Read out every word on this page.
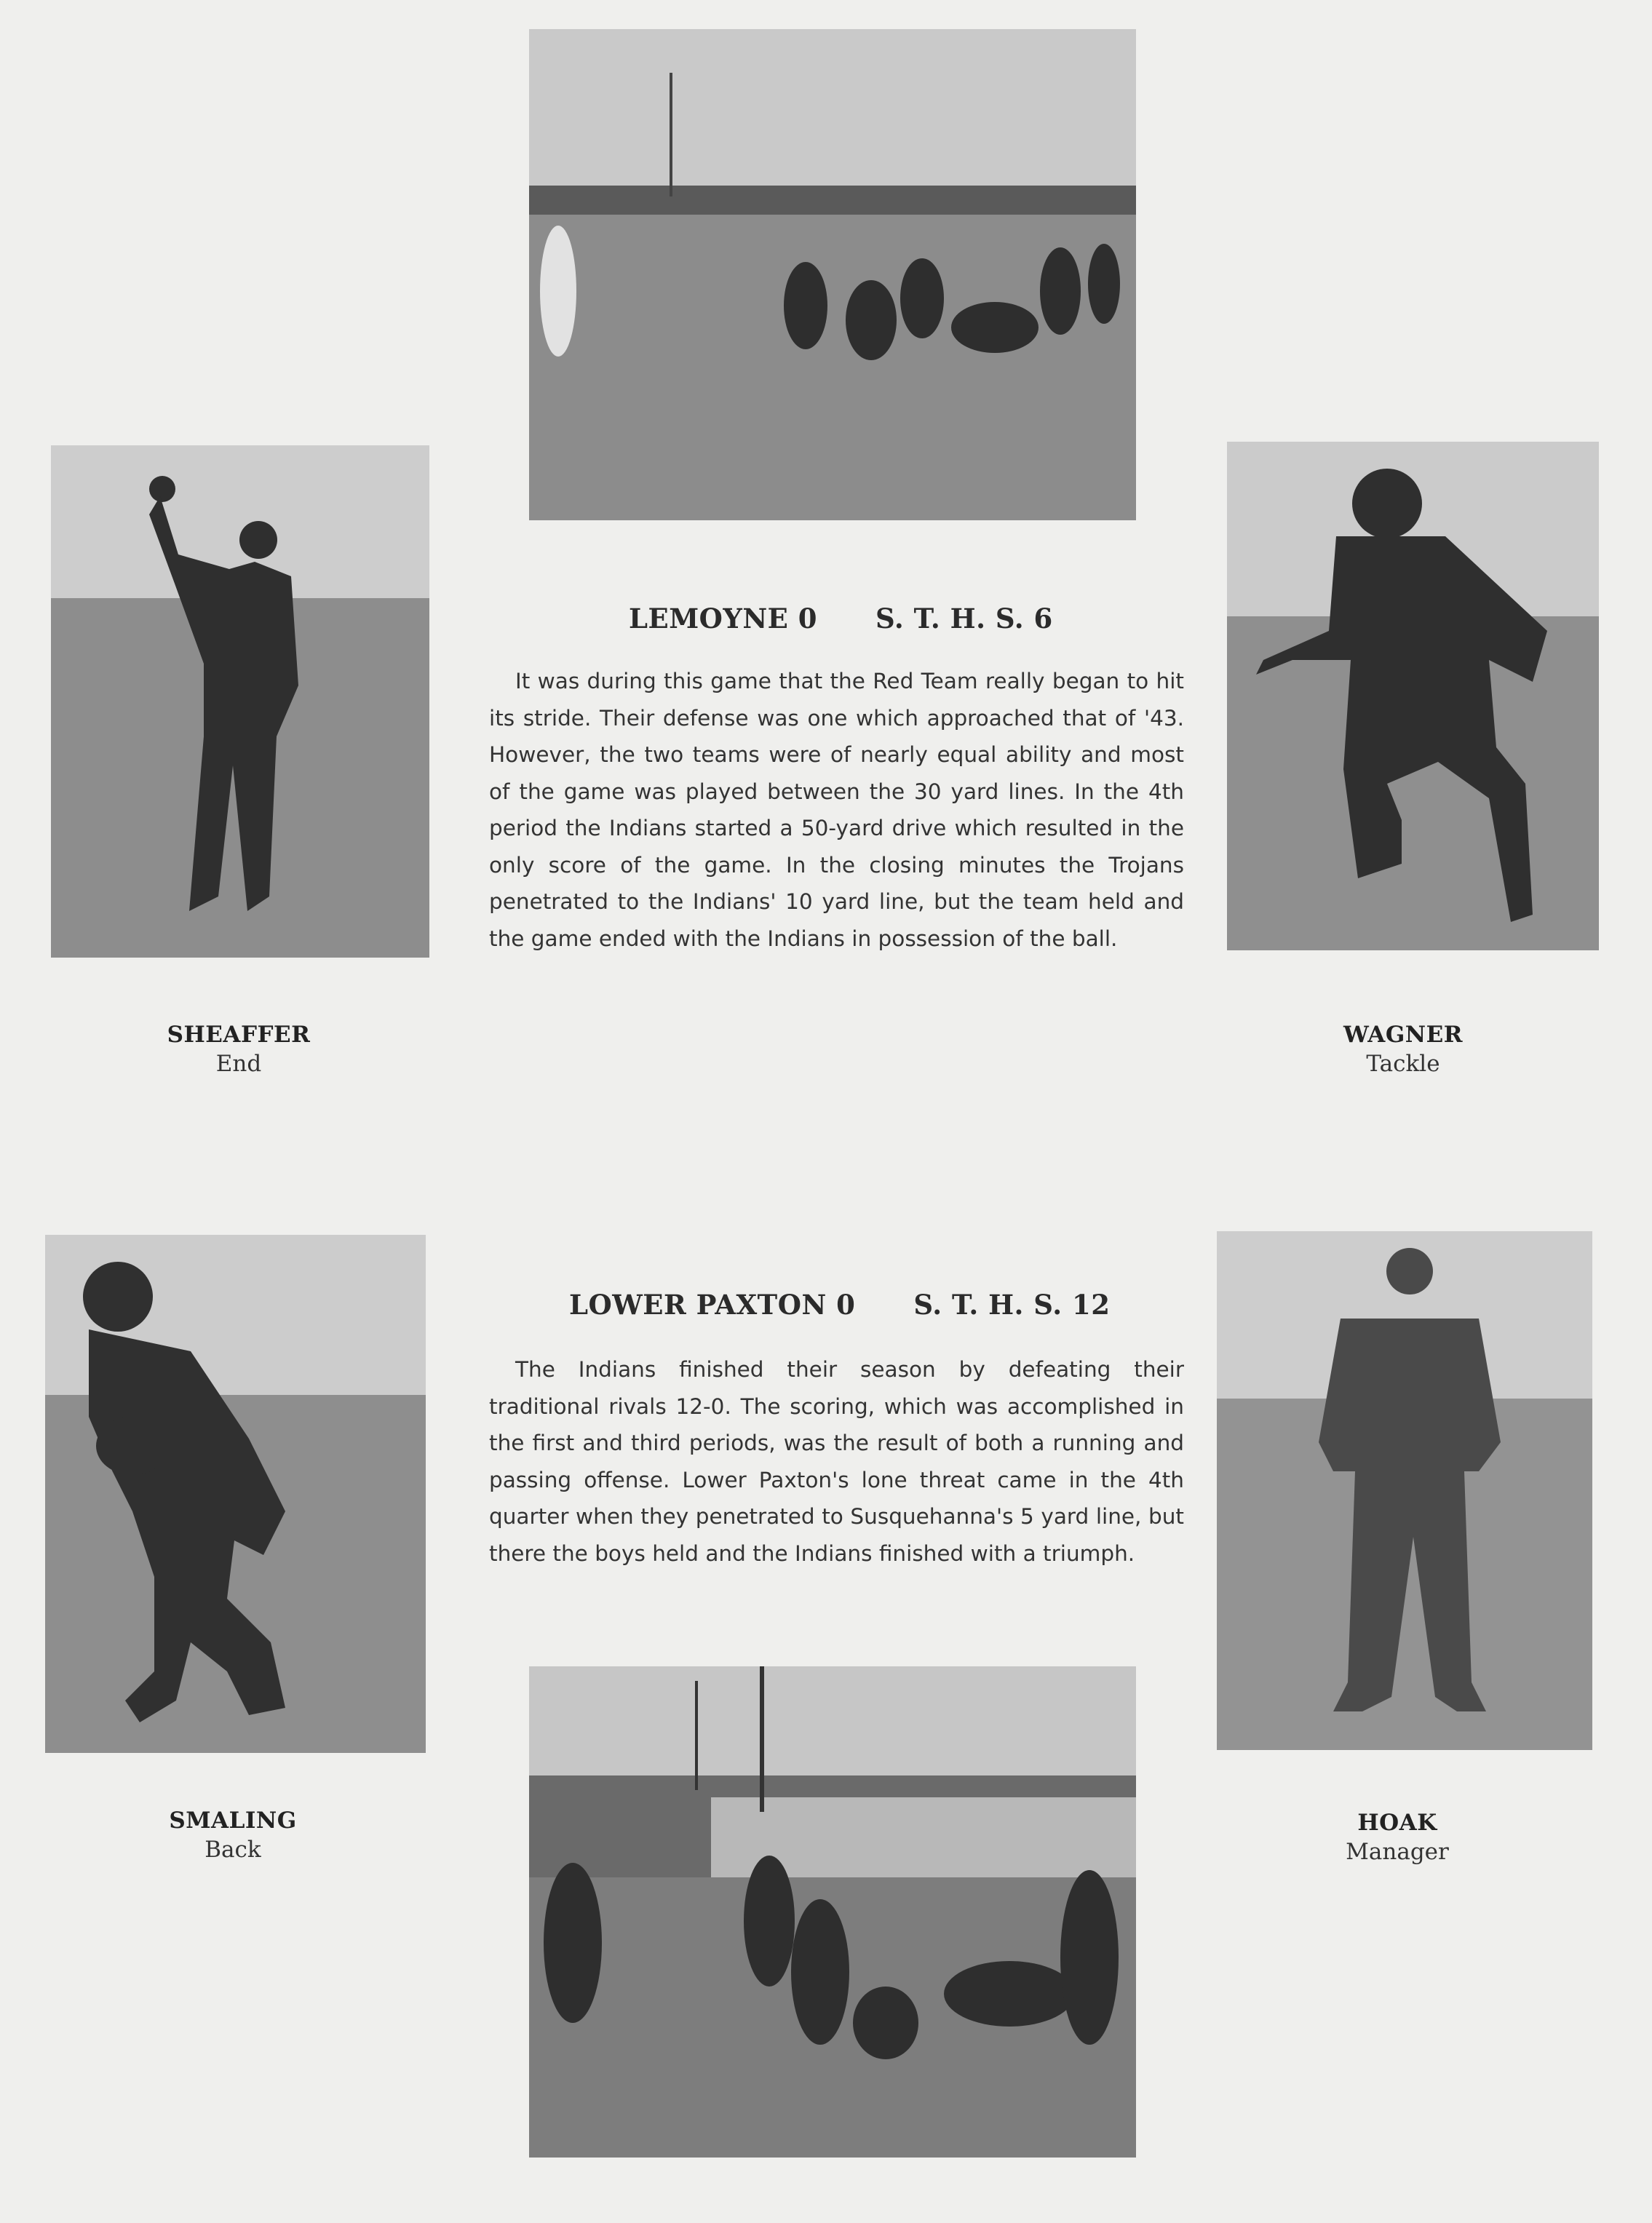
LEMOYNE 0 S. T. H. S. 6
It was during this game that the Red Team really began to hit its stride. Their defense was one which approached that of '43. However, the two teams were of nearly equal ability and most of the game was played between the 30 yard lines. In the 4th period the Indians started a 50-yard drive which resulted in the only score of the game. In the closing minutes the Trojans penetrated to the Indians' 10 yard line, but the team held and the game ended with the Indians in possession of the ball.
LOWER PAXTON 0 S. T. H. S. 12
The Indians finished their season by defeating their traditional rivals 12-0. The scoring, which was accomplished in the first and third periods, was the result of both a running and passing offense. Lower Paxton's lone threat came in the 4th quarter when they penetrated to Susquehanna's 5 yard line, but there the boys held and the Indians finished with a triumph.
SHEAFFER
End
WAGNER
Tackle
SMALING
Back
HOAK
Manager
